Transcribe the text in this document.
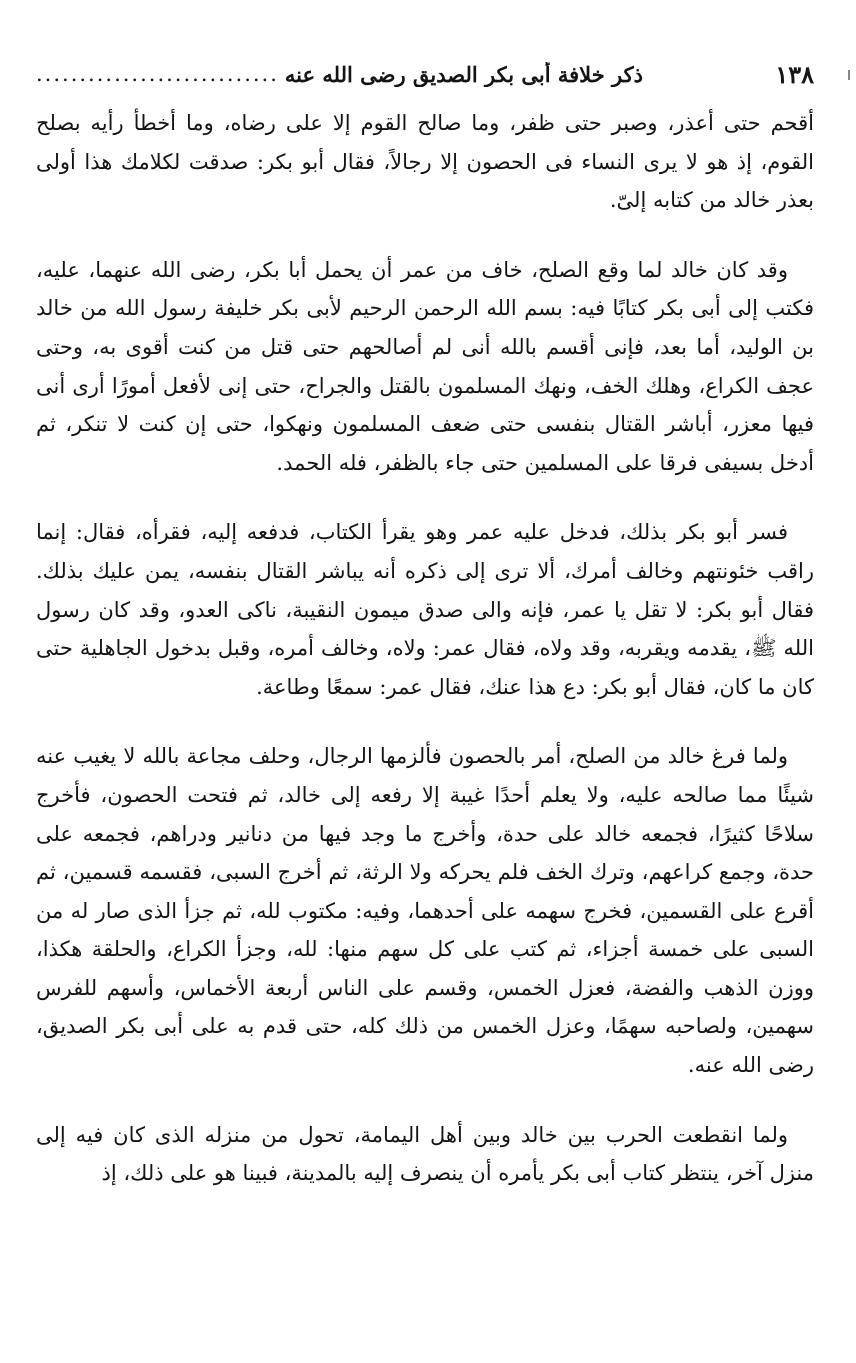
١٣٨
ذكر خلافة أبى بكر الصديق رضى الله عنه
............................

أقحم حتى أعذر، وصبر حتى ظفر، وما صالح القوم إلا على رضاه، وما أخطأ رأيه بصلح القوم، إذ هو لا يرى النساء فى الحصون إلا رجالاً، فقال أبو بكر: صدقت لكلامك هذا أولى بعذر خالد من كتابه إلىّ.

وقد كان خالد لما وقع الصلح، خاف من عمر أن يحمل أبا بكر، رضى الله عنهما، عليه، فكتب إلى أبى بكر كتابًا فيه: بسم الله الرحمن الرحيم لأبى بكر خليفة رسول الله من خالد بن الوليد، أما بعد، فإنى أقسم بالله أنى لم أصالحهم حتى قتل من كنت أقوى به، وحتى عجف الكراع، وهلك الخف، ونهك المسلمون بالقتل والجراح، حتى إنى لأفعل أمورًا أرى أنى فيها معزر، أباشر القتال بنفسى حتى ضعف المسلمون ونهكوا، حتى إن كنت لا تنكر، ثم أدخل بسيفى فرقا على المسلمين حتى جاء بالظفر، فله الحمد.

فسر أبو بكر بذلك، فدخل عليه عمر وهو يقرأ الكتاب، فدفعه إليه، فقرأه، فقال: إنما راقب خئونتهم وخالف أمرك، ألا ترى إلى ذكره أنه يباشر القتال بنفسه، يمن عليك بذلك. فقال أبو بكر: لا تقل يا عمر، فإنه والى صدق ميمون النقيبة، ناكى العدو، وقد كان رسول الله ﷺ، يقدمه ويقربه، وقد ولاه، فقال عمر: ولاه، وخالف أمره، وقبل بدخول الجاهلية حتى كان ما كان، فقال أبو بكر: دع هذا عنك، فقال عمر: سمعًا وطاعة.

ولما فرغ خالد من الصلح، أمر بالحصون فألزمها الرجال، وحلف مجاعة بالله لا يغيب عنه شيئًا مما صالحه عليه، ولا يعلم أحدًا غيبة إلا رفعه إلى خالد، ثم فتحت الحصون، فأخرج سلاحًا كثيرًا، فجمعه خالد على حدة، وأخرج ما وجد فيها من دنانير ودراهم، فجمعه على حدة، وجمع كراعهم، وترك الخف فلم يحركه ولا الرثة، ثم أخرج السبى، فقسمه قسمين، ثم أقرع على القسمين، فخرج سهمه على أحدهما، وفيه: مكتوب لله، ثم جزأ الذى صار له من السبى على خمسة أجزاء، ثم كتب على كل سهم منها: لله، وجزأ الكراع، والحلقة هكذا، ووزن الذهب والفضة، فعزل الخمس، وقسم على الناس أربعة الأخماس، وأسهم للفرس سهمين، ولصاحبه سهمًا، وعزل الخمس من ذلك كله، حتى قدم به على أبى بكر الصديق، رضى الله عنه.

ولما انقطعت الحرب بين خالد وبين أهل اليمامة، تحول من منزله الذى كان فيه إلى منزل آخر، ينتظر كتاب أبى بكر يأمره أن ينصرف إليه بالمدينة، فبينا هو على ذلك، إذ
